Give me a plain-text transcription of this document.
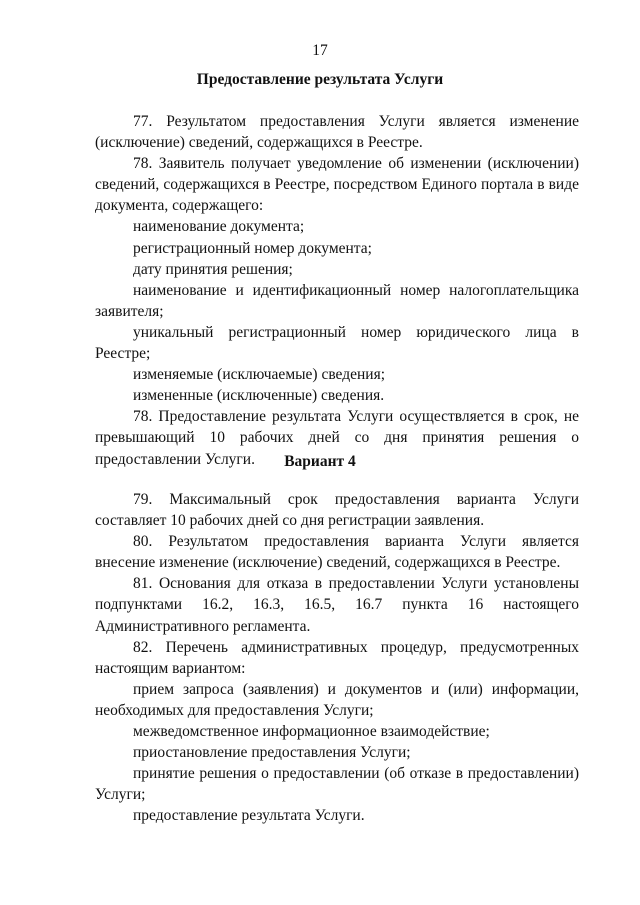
17
Предоставление результата Услуги

77. Результатом предоставления Услуги является изменение (исключение) сведений, содержащихся в Реестре.

78. Заявитель получает уведомление об изменении (исключении) сведений, содержащихся в Реестре, посредством Единого портала в виде документа, содержащего:

наименование документа;

регистрационный номер документа;

дату принятия решения;

наименование и идентификационный номер налогоплательщика заявителя;

уникальный регистрационный номер юридического лица в Реестре;

изменяемые (исключаемые) сведения;

измененные (исключенные) сведения.

78. Предоставление результата Услуги осуществляется в срок, не превышающий 10 рабочих дней со дня принятия решения о предоставлении Услуги.	Вариант 4

79. Максимальный срок предоставления варианта Услуги составляет 10 рабочих дней со дня регистрации заявления.

80. Результатом предоставления варианта Услуги является внесение изменение (исключение) сведений, содержащихся в Реестре.

81. Основания для отказа в предоставлении Услуги установлены подпунктами 16.2, 16.3, 16.5, 16.7 пункта 16 настоящего Административного регламента.

82. Перечень административных процедур, предусмотренных настоящим вариантом:

прием запроса (заявления) и документов и (или) информации, необходимых для предоставления Услуги;

межведомственное информационное взаимодействие;

приостановление предоставления Услуги;

принятие решения о предоставлении (об отказе в предоставлении) Услуги;

предоставление результата Услуги.
